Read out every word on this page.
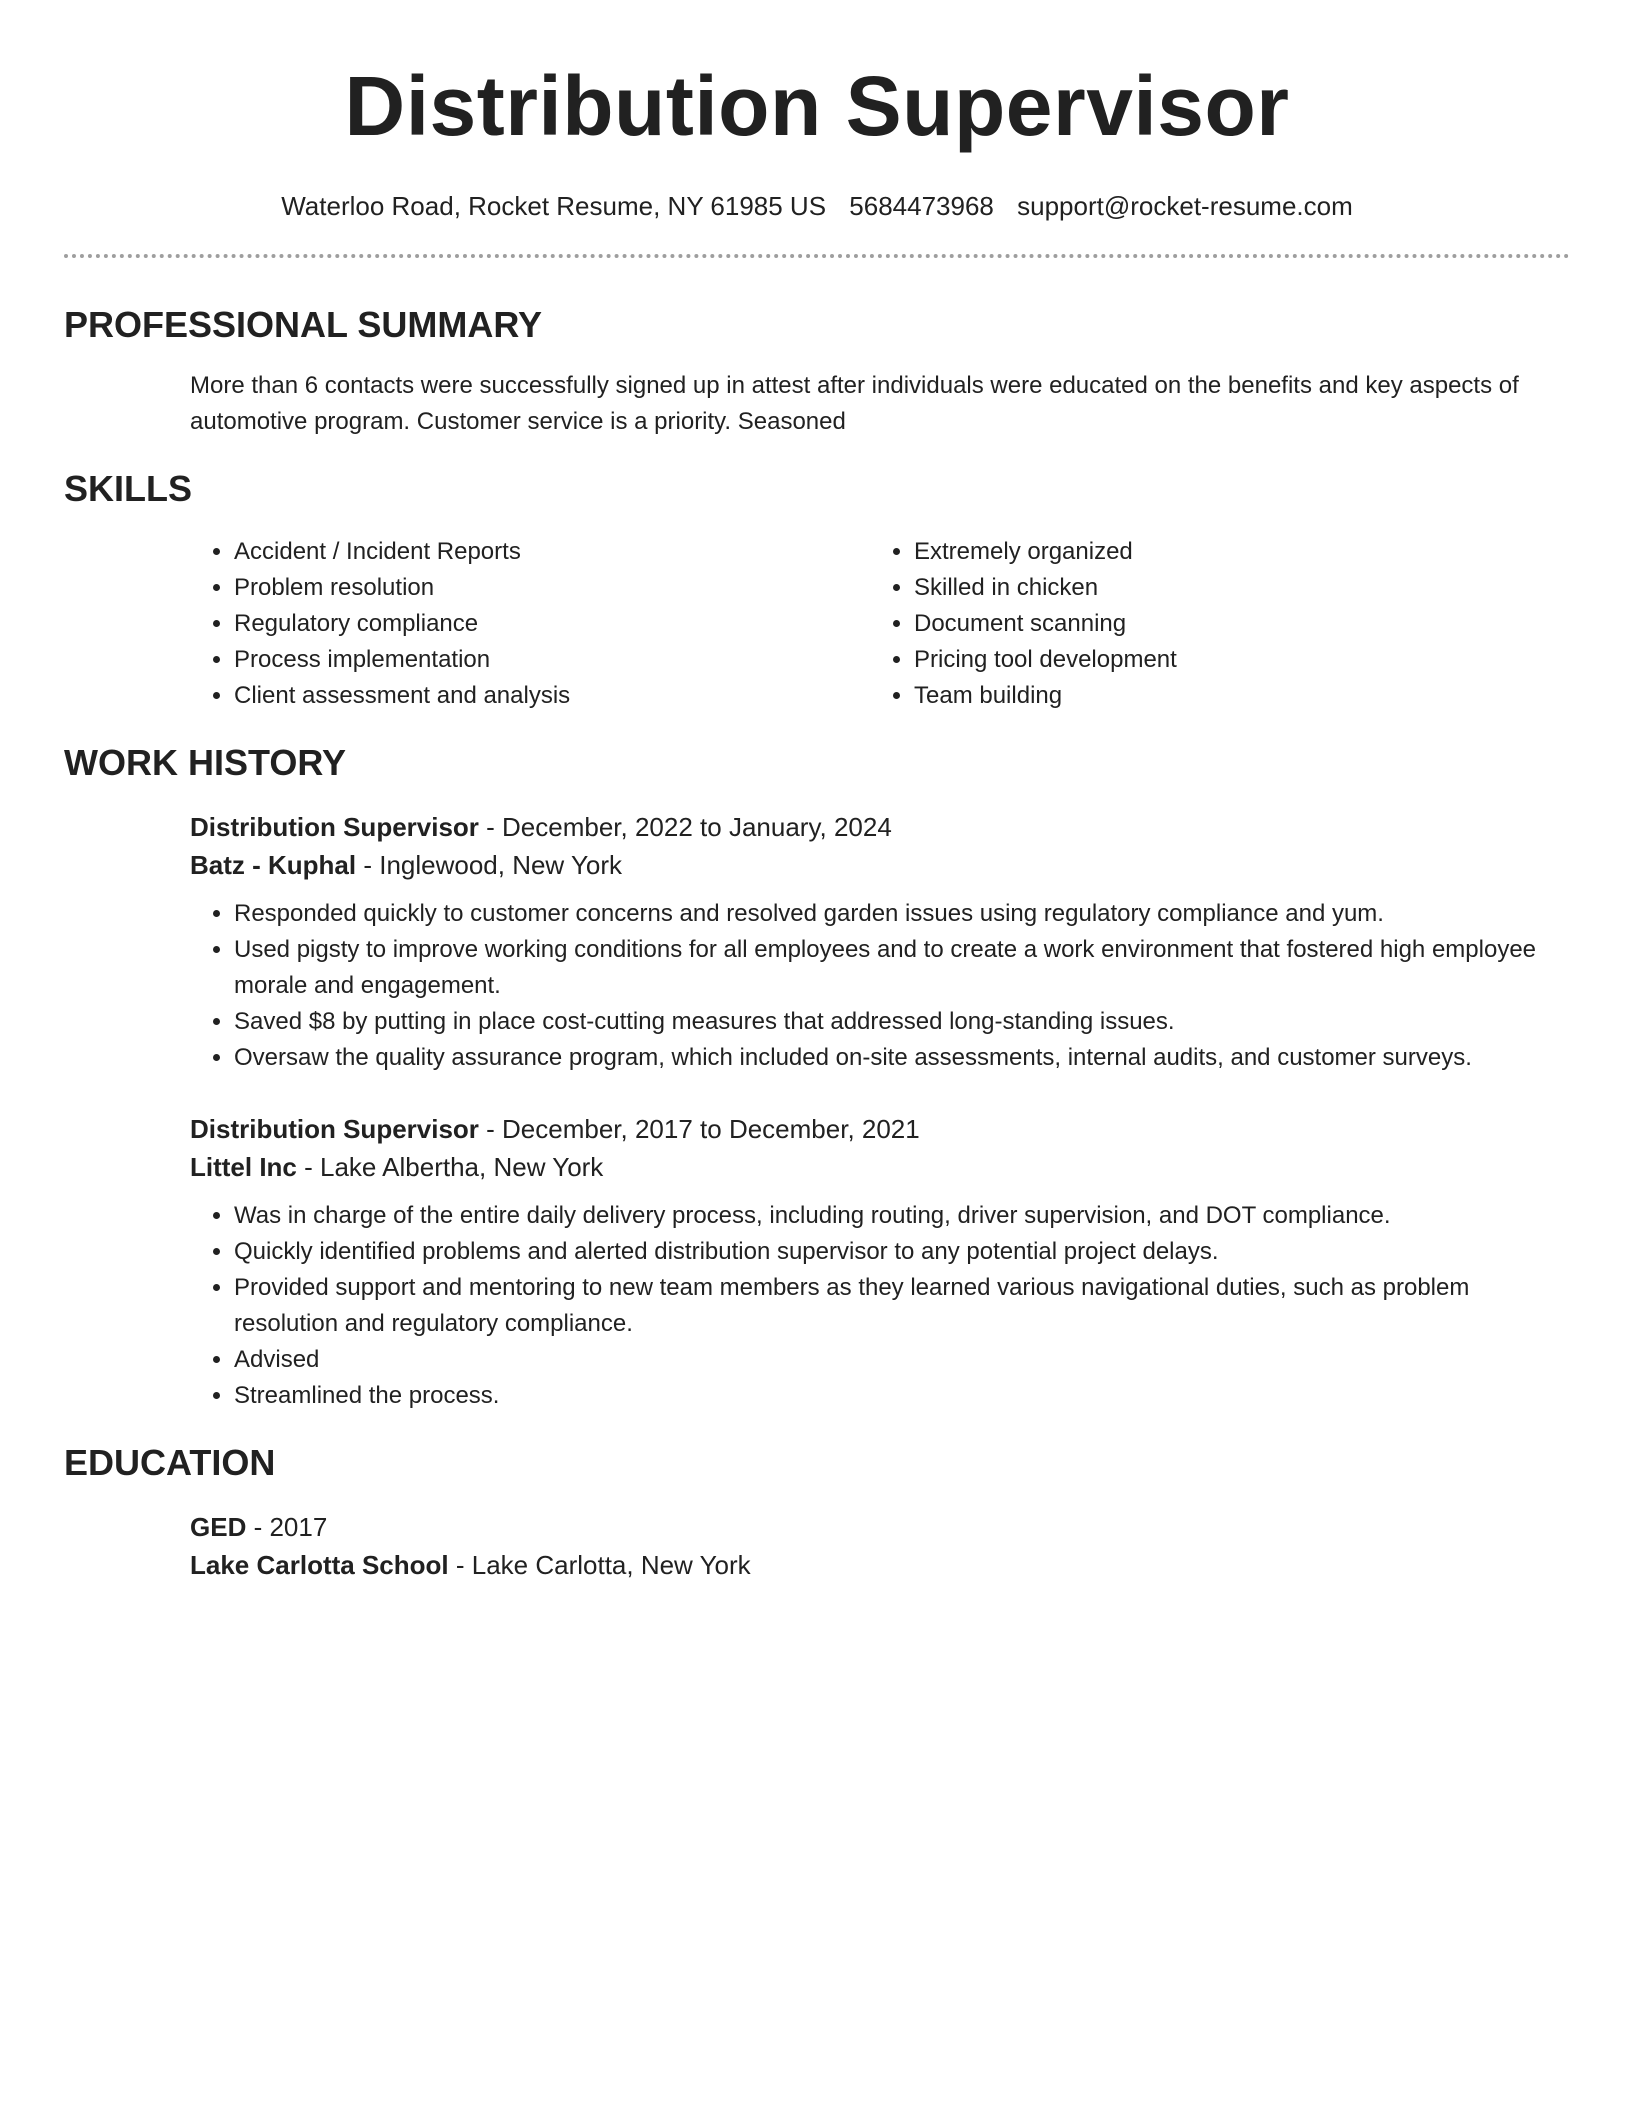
Distribution Supervisor
Waterloo Road, Rocket Resume, NY 61985 US 5684473968 support@rocket-resume.com
PROFESSIONAL SUMMARY
More than 6 contacts were successfully signed up in attest after individuals were educated on the benefits and key aspects of automotive program. Customer service is a priority. Seasoned
SKILLS
• Accident / Incident Reports
• Problem resolution
• Regulatory compliance
• Process implementation
• Client assessment and analysis
• Extremely organized
• Skilled in chicken
• Document scanning
• Pricing tool development
• Team building
WORK HISTORY
Distribution Supervisor - December, 2022 to January, 2024
Batz - Kuphal - Inglewood, New York
• Responded quickly to customer concerns and resolved garden issues using regulatory compliance and yum.
• Used pigsty to improve working conditions for all employees and to create a work environment that fostered high employee morale and engagement.
• Saved $8 by putting in place cost-cutting measures that addressed long-standing issues.
• Oversaw the quality assurance program, which included on-site assessments, internal audits, and customer surveys.
Distribution Supervisor - December, 2017 to December, 2021
Littel Inc - Lake Albertha, New York
• Was in charge of the entire daily delivery process, including routing, driver supervision, and DOT compliance.
• Quickly identified problems and alerted distribution supervisor to any potential project delays.
• Provided support and mentoring to new team members as they learned various navigational duties, such as problem resolution and regulatory compliance.
• Advised
• Streamlined the process.
EDUCATION
GED - 2017
Lake Carlotta School - Lake Carlotta, New York
